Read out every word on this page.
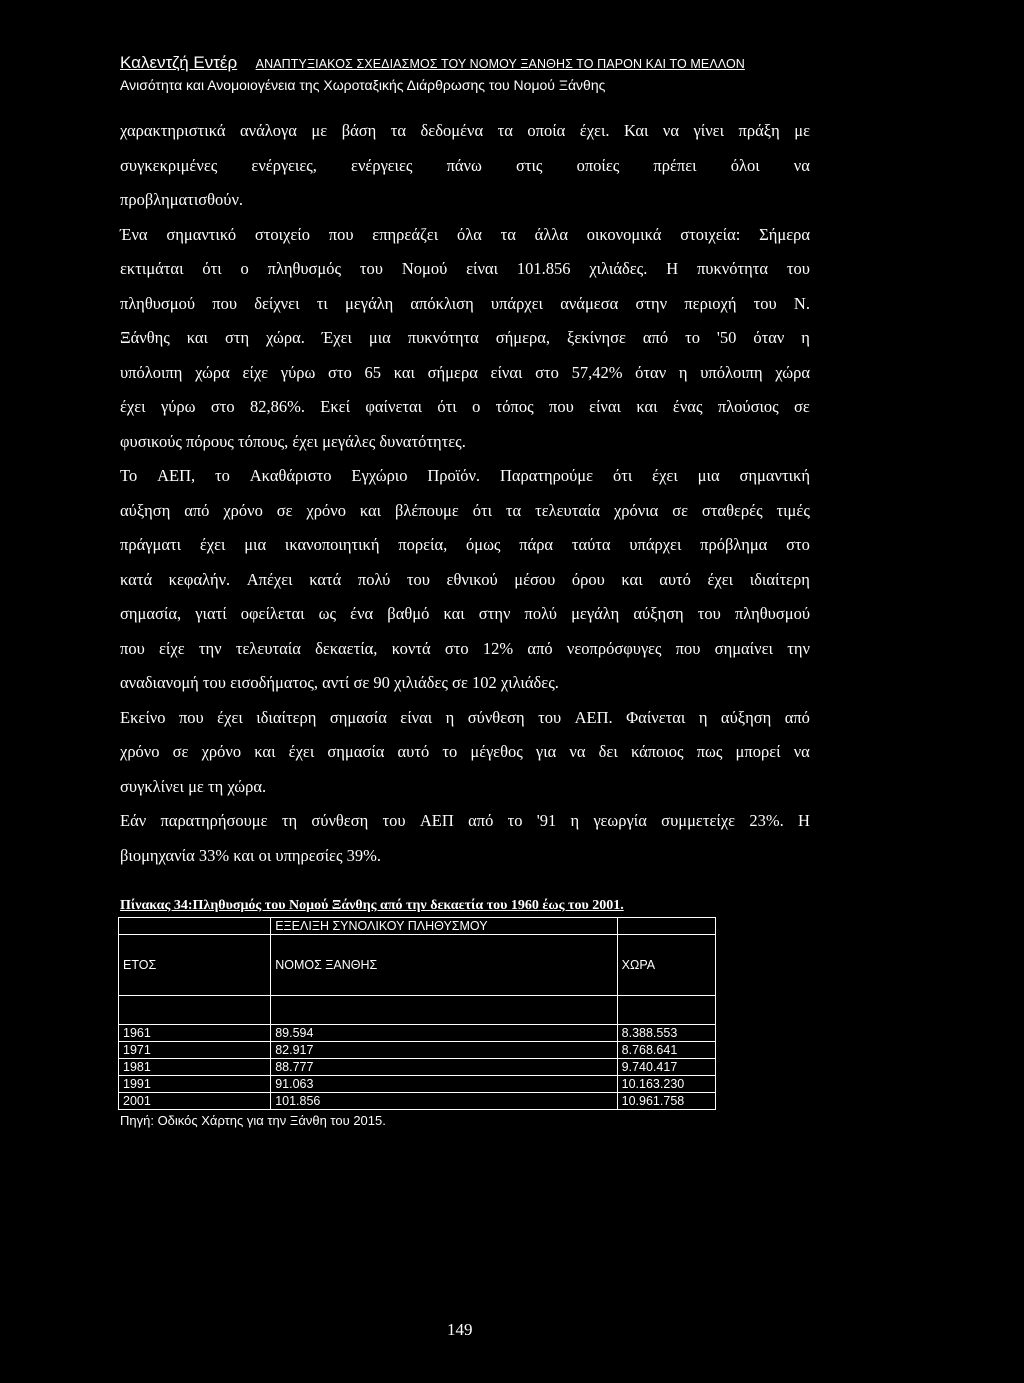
Καλεντζή Εντέρ ΑΝΑΠΤΥΞΙΑΚΟΣ ΣΧΕΔΙΑΣΜΟΣ ΤΟΥ ΝΟΜΟΥ ΞΑΝΘΗΣ ΤΟ ΠΑΡΟΝ ΚΑΙ ΤΟ ΜΕΛΛΟΝ
Ανισότητα και Ανομοιογένεια της Χωροταξικής Διάρθρωσης του Νομού Ξάνθης
χαρακτηριστικά ανάλογα με βάση τα δεδομένα τα οποία έχει. Και να γίνει πράξη με
συγκεκριμένες ενέργειες, ενέργειες πάνω στις οποίες πρέπει όλοι να
προβληματισθούν.
Ένα σημαντικό στοιχείο που επηρεάζει όλα τα άλλα οικονομικά στοιχεία: Σήμερα
εκτιμάται ότι ο πληθυσμός του Νομού είναι 101.856 χιλιάδες. Η πυκνότητα του
πληθυσμού που δείχνει τι μεγάλη απόκλιση υπάρχει ανάμεσα στην περιοχή του Ν.
Ξάνθης και στη χώρα. Έχει μια πυκνότητα σήμερα, ξεκίνησε από το '50 όταν η
υπόλοιπη χώρα είχε γύρω στο 65 και σήμερα είναι στο 57,42% όταν η υπόλοιπη χώρα
έχει γύρω στο 82,86%. Εκεί φαίνεται ότι ο τόπος που είναι και ένας πλούσιος σε
φυσικούς πόρους τόπους, έχει μεγάλες δυνατότητες.
Το ΑΕΠ, το Ακαθάριστο Εγχώριο Προϊόν. Παρατηρούμε ότι έχει μια σημαντική
αύξηση από χρόνο σε χρόνο και βλέπουμε ότι τα τελευταία χρόνια σε σταθερές τιμές
πράγματι έχει μια ικανοποιητική πορεία, όμως πάρα ταύτα υπάρχει πρόβλημα στο
κατά κεφαλήν. Απέχει κατά πολύ του εθνικού μέσου όρου και αυτό έχει ιδιαίτερη
σημασία, γιατί οφείλεται ως ένα βαθμό και στην πολύ μεγάλη αύξηση του πληθυσμού
που είχε την τελευταία δεκαετία, κοντά στο 12% από νεοπρόσφυγες που σημαίνει την
αναδιανομή του εισοδήματος, αντί σε 90 χιλιάδες σε 102 χιλιάδες.
Εκείνο που έχει ιδιαίτερη σημασία είναι η σύνθεση του ΑΕΠ. Φαίνεται η αύξηση από
χρόνο σε χρόνο και έχει σημασία αυτό το μέγεθος για να δει κάποιος πως μπορεί να
συγκλίνει με τη χώρα.
Εάν παρατηρήσουμε τη σύνθεση του ΑΕΠ από το '91 η γεωργία συμμετείχε 23%. Η
βιομηχανία 33% και οι υπηρεσίες 39%.
Πίνακας 34:Πληθυσμός του Νομού Ξάνθης από την δεκαετία του 1960 έως του 2001.
	ΕΞΕΛΙΞΗ ΣΥΝΟΛΙΚΟΥ ΠΛΗΘΥΣΜΟΥ	
ΕΤΟΣ	ΝΟΜΟΣ ΞΑΝΘΗΣ	ΧΩΡΑ

1961	89.594	8.388.553
1971	82.917	8.768.641
1981	88.777	9.740.417
1991	91.063	10.163.230
2001	101.856	10.961.758
Πηγή: Οδικός Χάρτης για την Ξάνθη του 2015.
149
